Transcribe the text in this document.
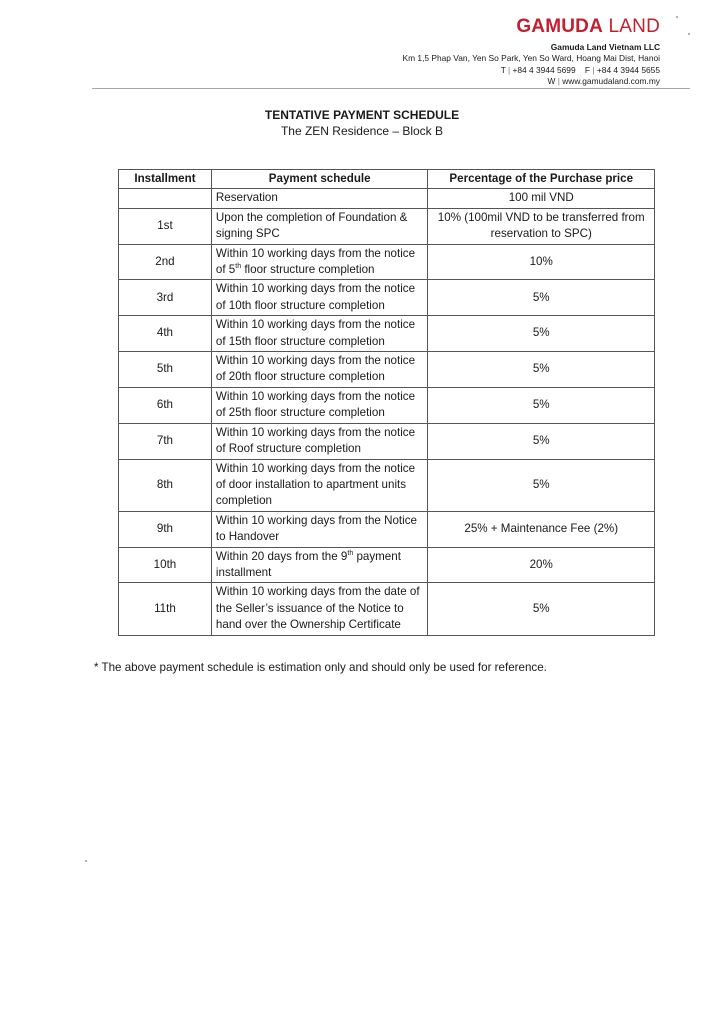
GAMUDA LAND
Gamuda Land Vietnam LLC
Km 1,5 Phap Van, Yen So Park, Yen So Ward, Hoang Mai Dist, Hanoi
T | +84 4 3944 5699 F | +84 4 3944 5655
W | www.gamudaland.com.my
TENTATIVE PAYMENT SCHEDULE
The ZEN Residence – Block B
Installment	Payment schedule	Percentage of the Purchase price
	Reservation	100 mil VND
1st	Upon the completion of Foundation & signing SPC	10% (100mil VND to be transferred from reservation to SPC)
2nd	Within 10 working days from the notice of 5th floor structure completion	10%
3rd	Within 10 working days from the notice of 10th floor structure completion	5%
4th	Within 10 working days from the notice of 15th floor structure completion	5%
5th	Within 10 working days from the notice of 20th floor structure completion	5%
6th	Within 10 working days from the notice of 25th floor structure completion	5%
7th	Within 10 working days from the notice of Roof structure completion	5%
8th	Within 10 working days from the notice of door installation to apartment units completion	5%
9th	Within 10 working days from the Notice to Handover	25% + Maintenance Fee (2%)
10th	Within 20 days from the 9th payment installment	20%
11th	Within 10 working days from the date of the Seller’s issuance of the Notice to hand over the Ownership Certificate	5%
* The above payment schedule is estimation only and should only be used for reference.
